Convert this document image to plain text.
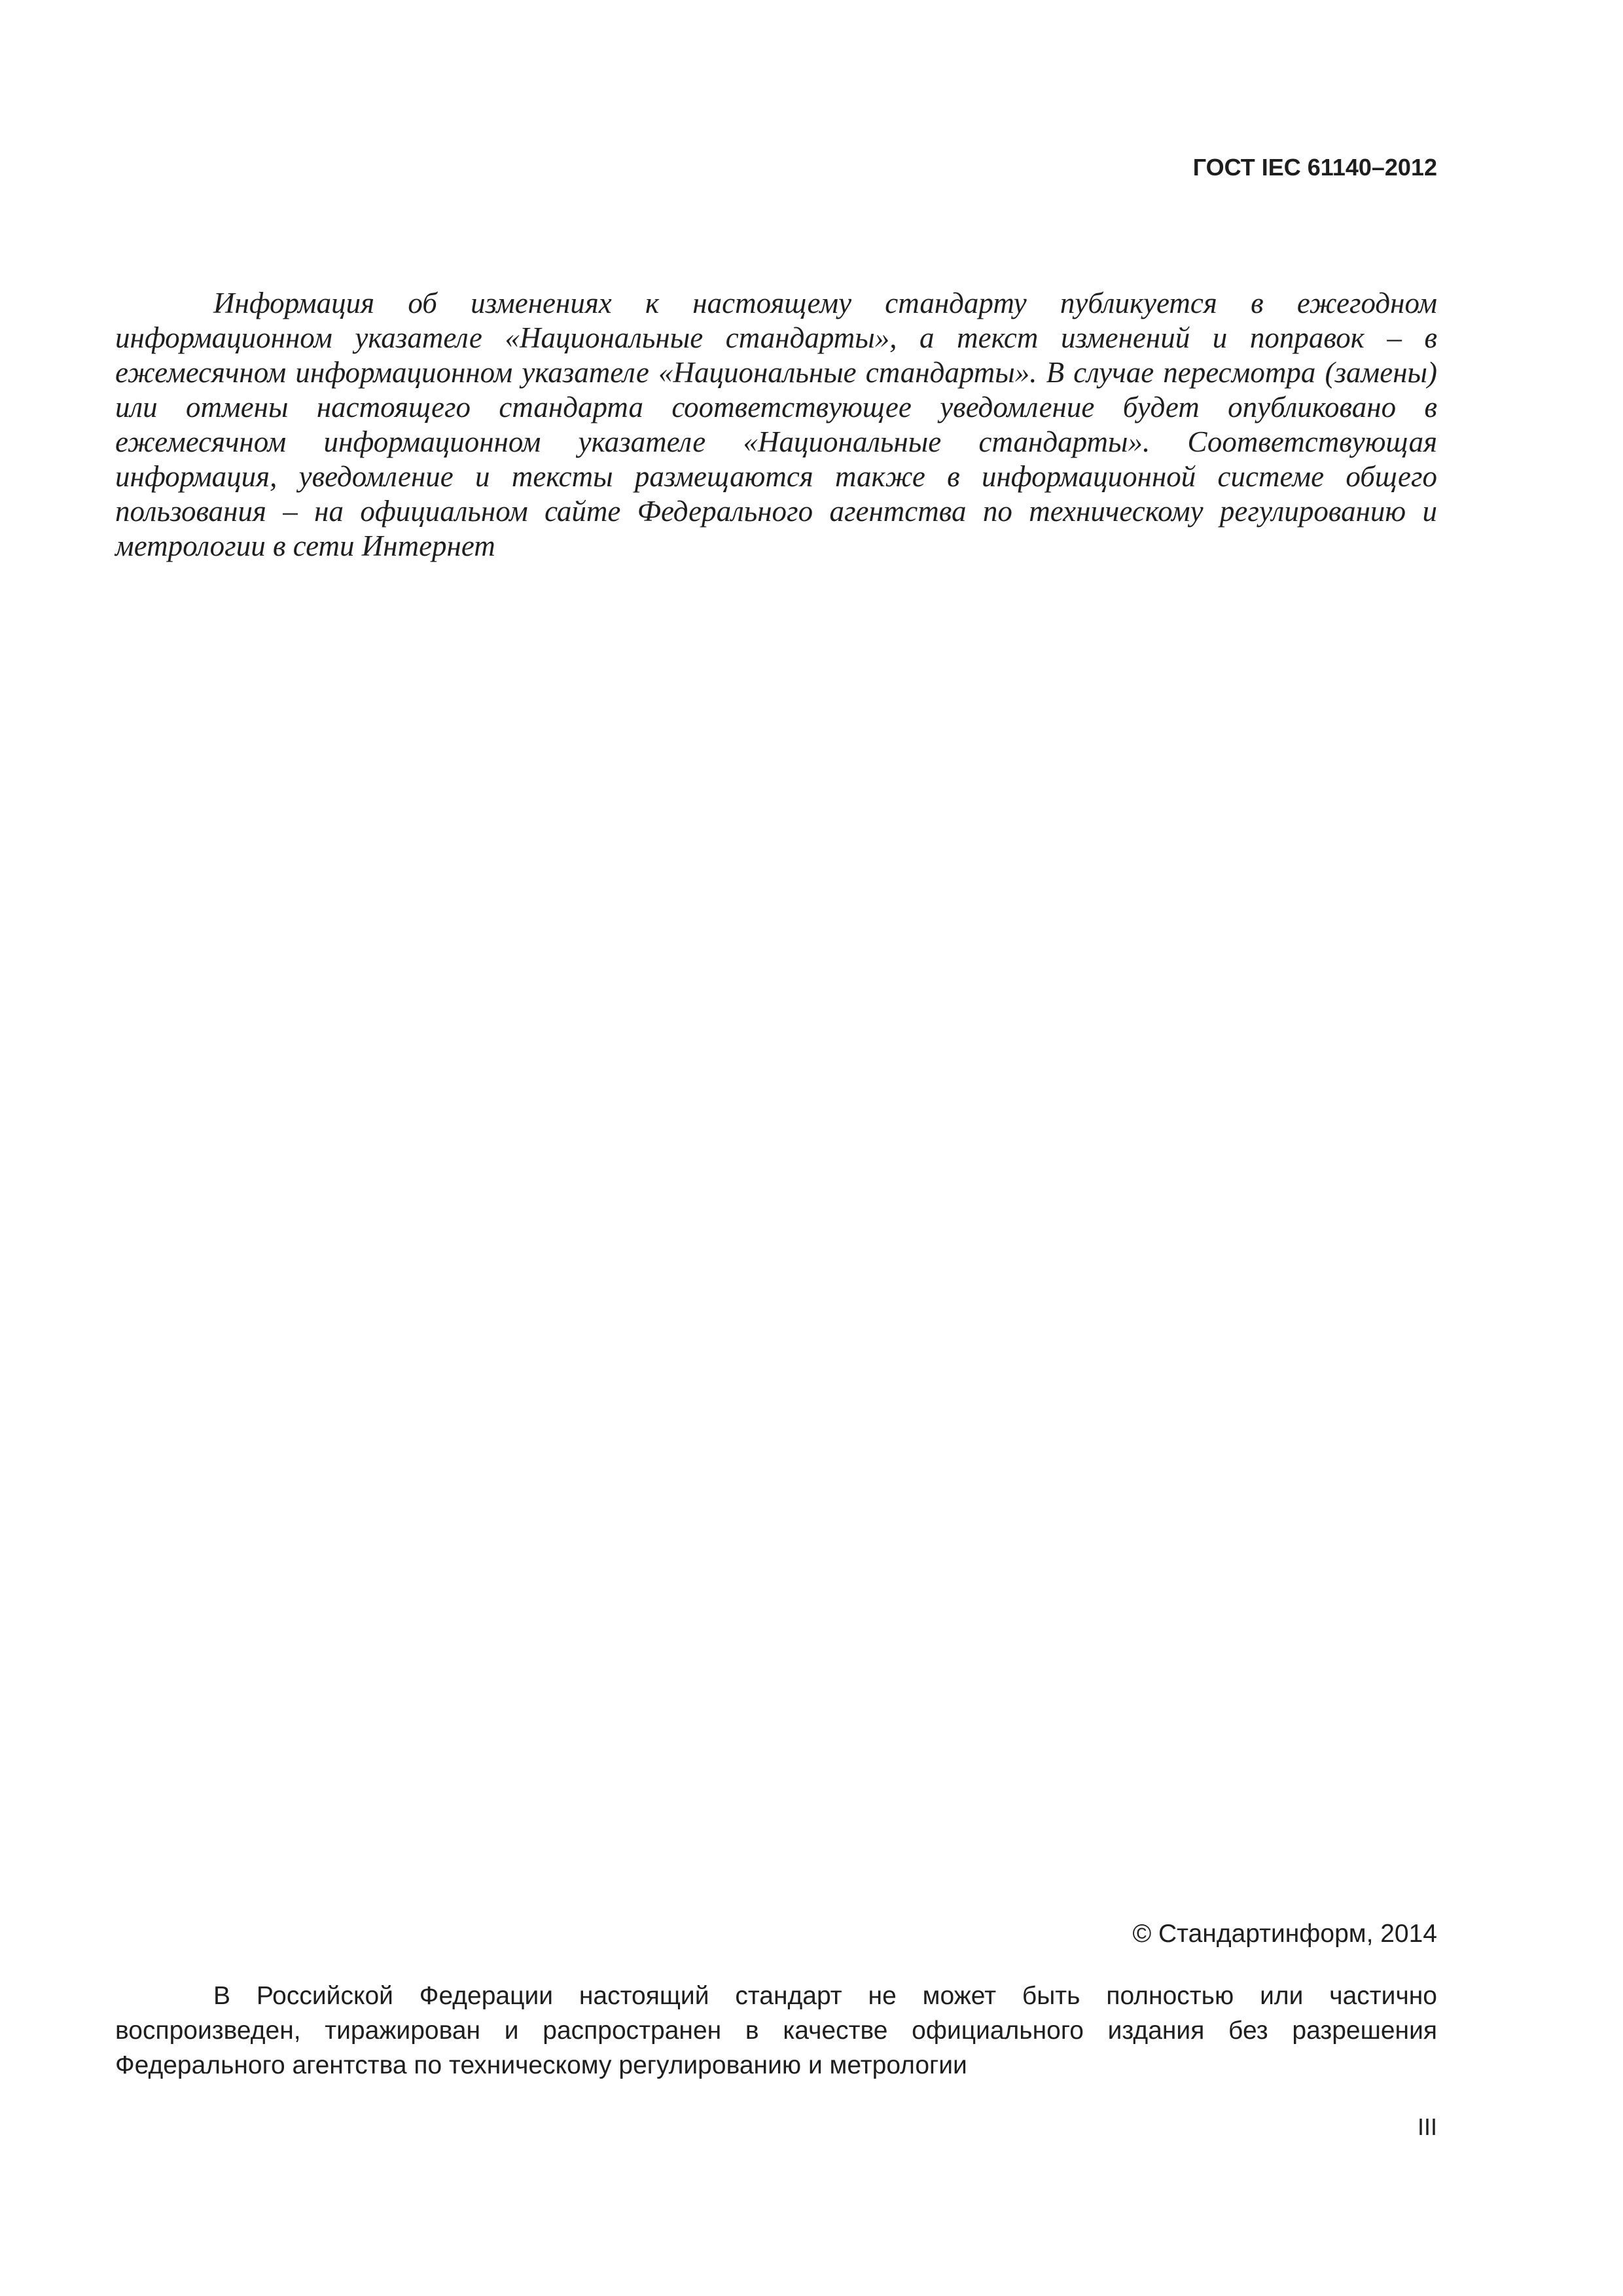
ГОСТ IEC 61140–2012

Информация об изменениях к настоящему стандарту публикуется в ежегодном информационном указателе «Национальные стандарты», а текст изменений и поправок – в ежемесячном информационном указателе «Национальные стандарты». В случае пересмотра (замены) или отмены настоящего стандарта соответствующее уведомление будет опубликовано в ежемесячном информационном указателе «Национальные стандарты». Соответствующая информация, уведомление и тексты размещаются также в информационной системе общего пользования – на официальном сайте Федерального агентства по техническому регулированию и метрологии в сети Интернет

© Стандартинформ, 2014

В Российской Федерации настоящий стандарт не может быть полностью или частично воспроизведен, тиражирован и распространен в качестве официального издания без разрешения Федерального агентства по техническому регулированию и метрологии

III
